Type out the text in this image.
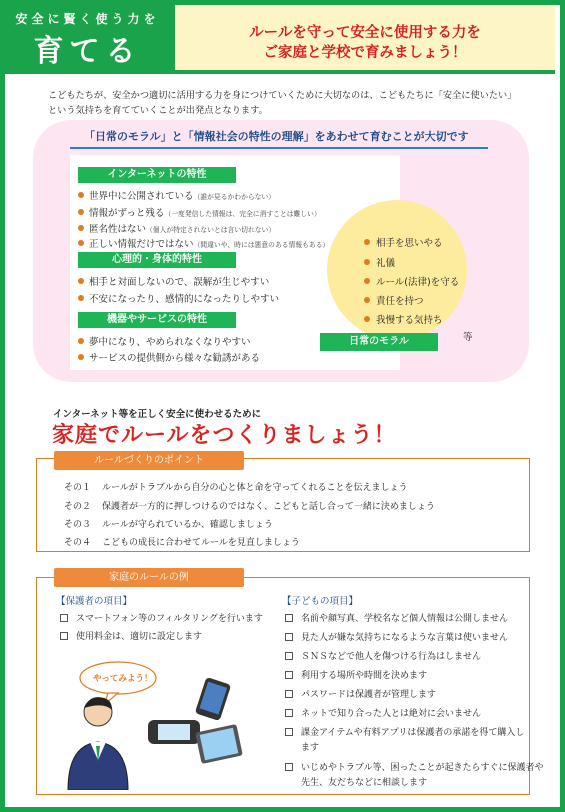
安全に賢く使う力を
育てる
ルールを守って安全に使用する力を
ご家庭と学校で育みましょう！
こどもたちが、安全かつ適切に活用する力を身につけていくために大切なのは、こどもたちに「安全に使いたい」という気持ちを育てていくことが出発点となります。
「日常のモラル」と「情報社会の特性の理解」をあわせて育むことが大切です
インターネットの特性
世界中に公開されている（誰が見るかわからない）
情報がずっと残る（一度発信した情報は、完全に消すことは難しい）
匿名性はない（個人が特定されないとは言い切れない）
正しい情報だけではない（間違いや、時には悪意のある情報もある）
心理的・身体的特性
相手と対面しないので、誤解が生じやすい
不安になったり、感情的になったりしやすい
機器やサービスの特性
夢中になり、やめられなくなりやすい
サービスの提供側から様々な勧誘がある
相手を思いやる
礼儀
ルール(法律)を守る
責任を持つ
我慢する気持ち
等
日常のモラル
インターネット等を正しく安全に使わせるために
家庭でルールをつくりましょう！
ルールづくりのポイント
その１ ルールがトラブルから自分の心と体と命を守ってくれることを伝えましょう
その２ 保護者が一方的に押しつけるのではなく、こどもと話し合って一緒に決めましょう
その３ ルールが守られているか、確認しましょう
その４ こどもの成長に合わせてルールを見直しましょう
家庭のルールの例
【保護者の項目】
スマートフォン等のフィルタリングを行います
使用料金は、適切に設定します
【子どもの項目】
名前や顔写真、学校名など個人情報は公開しません
見た人が嫌な気持ちになるような言葉は使いません
ＳＮＳなどで他人を傷つける行為はしません
利用する場所や時間を決めます
パスワードは保護者が管理します
ネットで知り合った人とは絶対に会いません
課金アイテムや有料アプリは保護者の承諾を得て購入し
ます
いじめやトラブル等、困ったことが起きたらすぐに保護者や
先生、友だちなどに相談します
やってみよう！
